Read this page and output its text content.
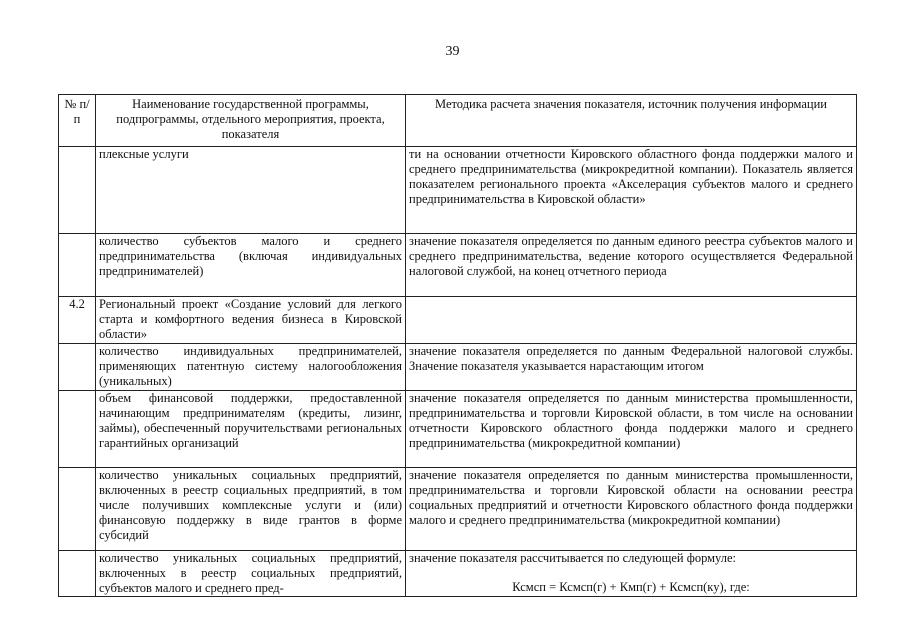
39
№ п/п	Наименование государственной программы, подпрограммы, отдельного мероприятия, проекта, показателя	Методика расчета значения показателя, источник получения информации
	плексные услуги	ти на основании отчетности Кировского областного фонда поддержки малого и среднего предпринимательства (микрокредитной компании). Показатель является показателем регионального проекта «Акселерация субъектов малого и среднего предпринимательства в Кировской области»
	количество субъектов малого и среднего предпринимательства (включая индивидуальных предпринимателей)	значение показателя определяется по данным единого реестра субъектов малого и среднего предпринимательства, ведение которого осуществляется Федеральной налоговой службой, на конец отчетного периода
4.2	Региональный проект «Создание условий для легкого старта и комфортного ведения бизнеса в Кировской области»	
	количество индивидуальных предпринимателей, применяющих патентную систему налогообложения (уникальных)	значение показателя определяется по данным Федеральной налоговой службы. Значение показателя указывается нарастающим итогом
	объем финансовой поддержки, предоставленной начинающим предпринимателям (кредиты, лизинг, займы), обеспеченный поручительствами региональных гарантийных организаций	значение показателя определяется по данным министерства промышленности, предпринимательства и торговли Кировской области, в том числе на основании отчетности Кировского областного фонда поддержки малого и среднего предпринимательства (микрокредитной компании)
	количество уникальных социальных предприятий, включенных в реестр социальных предприятий, в том числе получивших комплексные услуги и (или) финансовую поддержку в виде грантов в форме субсидий	значение показателя определяется по данным министерства промышленности, предпринимательства и торговли Кировской области на основании реестра социальных предприятий и отчетности Кировского областного фонда поддержки малого и среднего предпринимательства (микрокредитной компании)
	количество уникальных социальных предприятий, включенных в реестр социальных предприятий, субъектов малого и среднего пред-	значение показателя рассчитывается по следующей формуле:
Ксмсп = Ксмсп(г) + Кмп(г) + Ксмсп(ку), где:
